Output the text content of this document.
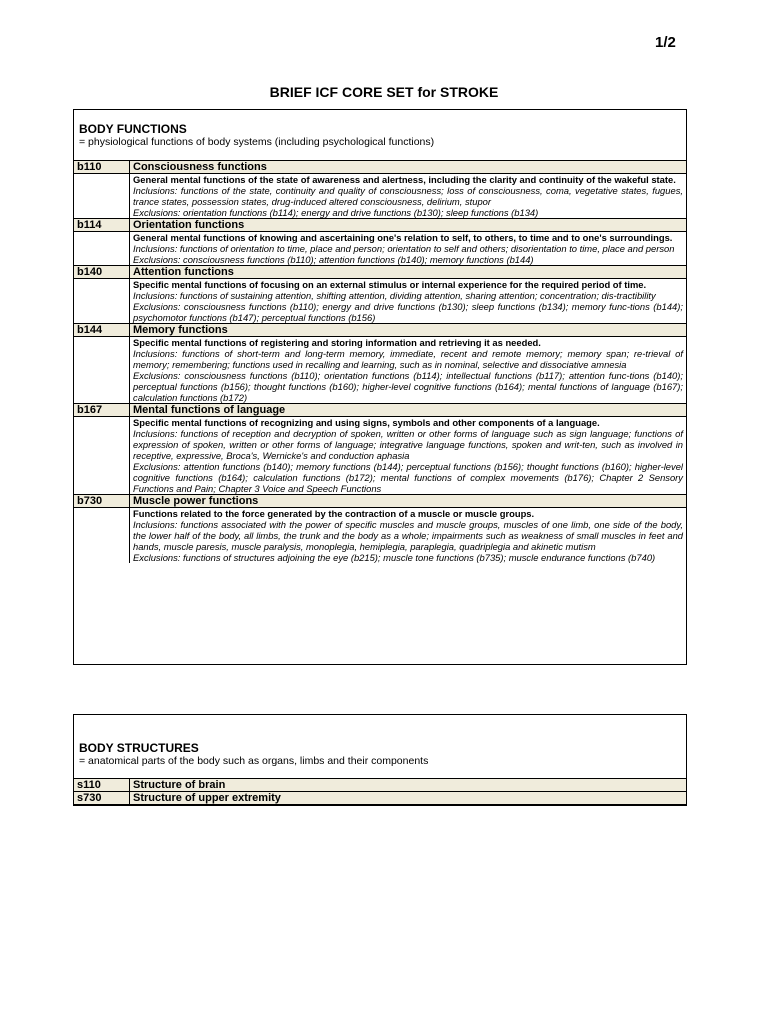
1/2
BRIEF ICF CORE SET for STROKE
BODY FUNCTIONS
= physiological functions of body systems (including psychological functions)
b110	Consciousness functions

	General mental functions of the state of awareness and alertness, including the clarity and continuity of the wakeful state.
Inclusions: functions of the state, continuity and quality of consciousness; loss of consciousness, coma, vegetative states, fugues, trance states, possession states, drug-induced altered consciousness, delirium, stupor
Exclusions: orientation functions (b114); energy and drive functions (b130); sleep functions (b134)

b114	Orientation functions

	General mental functions of knowing and ascertaining one's relation to self, to others, to time and to one's surroundings.
Inclusions: functions of orientation to time, place and person; orientation to self and others; disorientation to time, place and person
Exclusions: consciousness functions (b110); attention functions (b140); memory functions (b144)

b140	Attention functions

	Specific mental functions of focusing on an external stimulus or internal experience for the required period of time.
Inclusions: functions of sustaining attention, shifting attention, dividing attention, sharing attention; concentration; dis-tractibility
Exclusions: consciousness functions (b110); energy and drive functions (b130); sleep functions (b134); memory func-tions (b144); psychomotor functions (b147); perceptual functions (b156)

b144	Memory functions

	Specific mental functions of registering and storing information and retrieving it as needed.
Inclusions: functions of short-term and long-term memory, immediate, recent and remote memory; memory span; re-trieval of memory; remembering; functions used in recalling and learning, such as in nominal, selective and dissociative amnesia
Exclusions: consciousness functions (b110); orientation functions (b114); intellectual functions (b117); attention func-tions (b140); perceptual functions (b156); thought functions (b160); higher-level cognitive functions (b164); mental functions of language (b167); calculation functions (b172)

b167	Mental functions of language

	Specific mental functions of recognizing and using signs, symbols and other components of a language.
Inclusions: functions of reception and decryption of spoken, written or other forms of language such as sign language; functions of expression of spoken, written or other forms of language; integrative language functions, spoken and writ-ten, such as involved in receptive, expressive, Broca's, Wernicke's and conduction aphasia
Exclusions: attention functions (b140); memory functions (b144); perceptual functions (b156); thought functions (b160); higher-level cognitive functions (b164); calculation functions (b172); mental functions of complex movements (b176); Chapter 2 Sensory Functions and Pain; Chapter 3 Voice and Speech Functions

b730	Muscle power functions

	Functions related to the force generated by the contraction of a muscle or muscle groups.
Inclusions: functions associated with the power of specific muscles and muscle groups, muscles of one limb, one side of the body, the lower half of the body, all limbs, the trunk and the body as a whole; impairments such as weakness of small muscles in feet and hands, muscle paresis, muscle paralysis, monoplegia, hemiplegia, paraplegia, quadriplegia and akinetic mutism
Exclusions: functions of structures adjoining the eye (b215); muscle tone functions (b735); muscle endurance functions (b740)
BODY STRUCTURES
= anatomical parts of the body such as organs, limbs and their components
s110	Structure of brain
s730	Structure of upper extremity
